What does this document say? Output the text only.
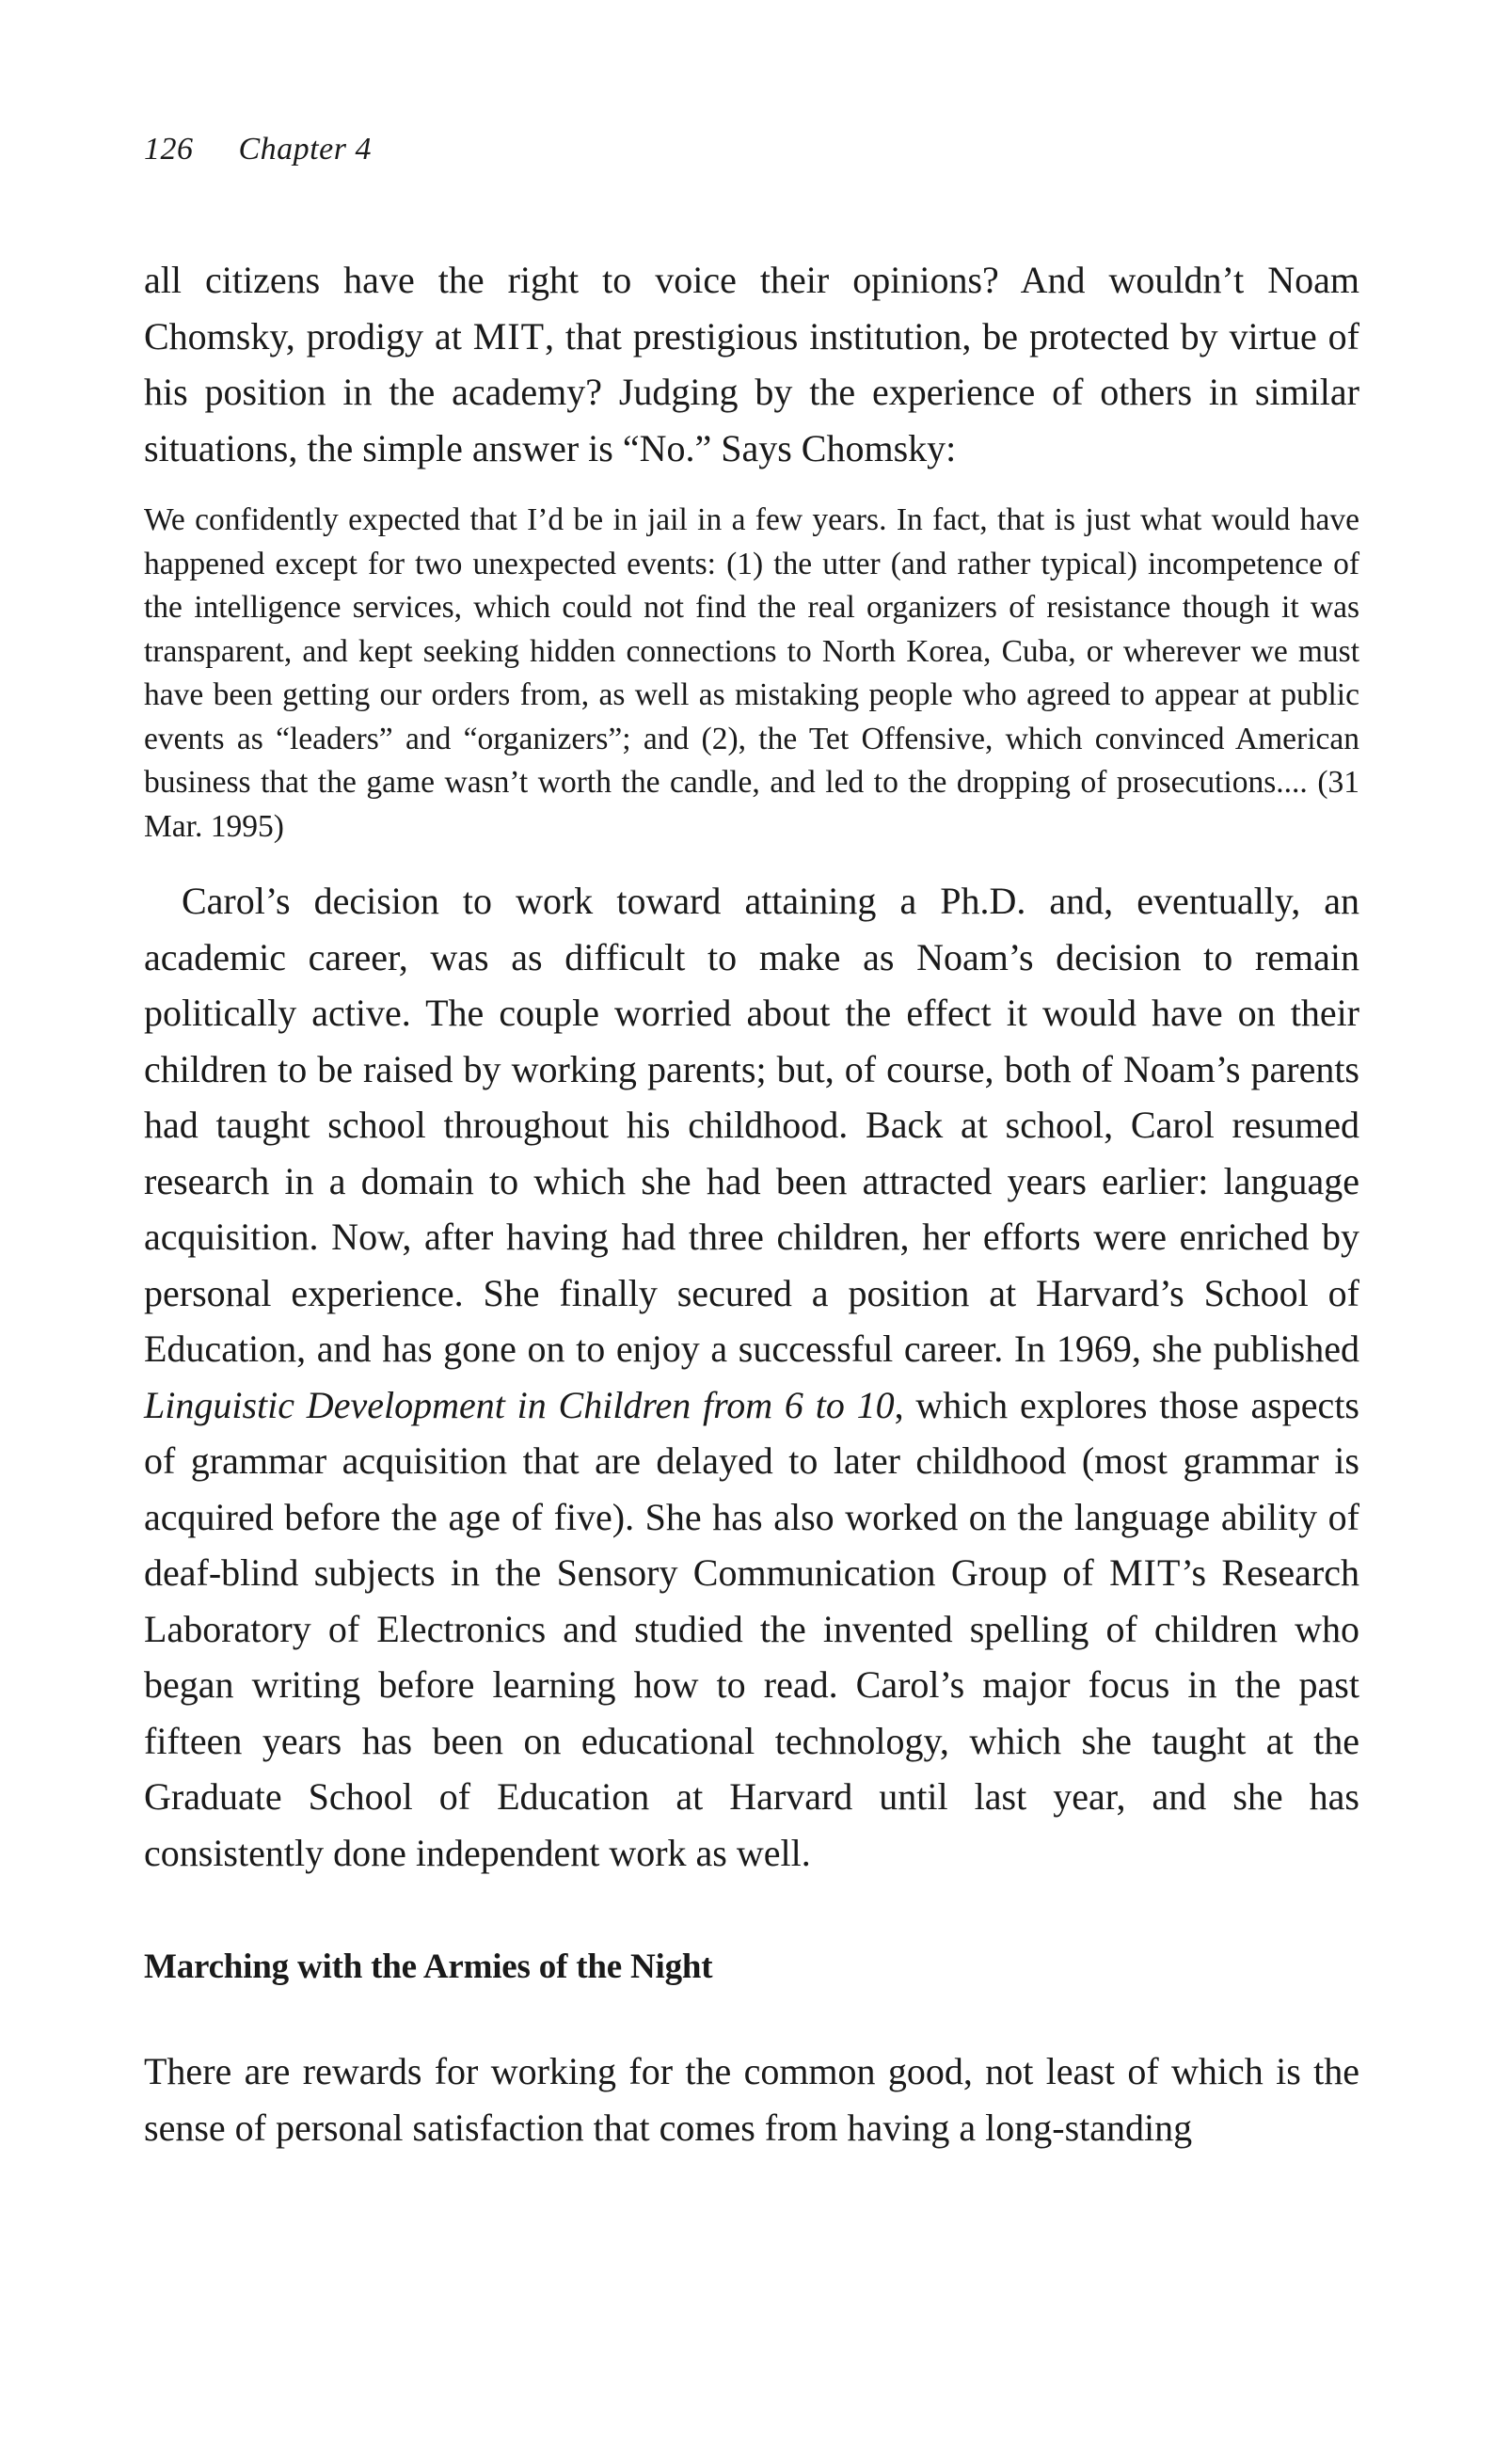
126 Chapter 4

all citizens have the right to voice their opinions? And wouldn’t Noam Chomsky, prodigy at MIT, that prestigious institution, be protected by virtue of his position in the academy? Judging by the experience of others in similar situations, the simple answer is “No.” Says Chomsky:

We confidently expected that I’d be in jail in a few years. In fact, that is just what would have happened except for two unexpected events: (1) the utter (and rather typical) incompetence of the intelligence services, which could not find the real organizers of resistance though it was transparent, and kept seeking hidden connections to North Korea, Cuba, or wherever we must have been getting our orders from, as well as mistaking people who agreed to appear at public events as “leaders” and “organizers”; and (2), the Tet Offensive, which convinced American business that the game wasn’t worth the candle, and led to the dropping of prosecutions.... (31 Mar. 1995)

Carol’s decision to work toward attaining a Ph.D. and, eventually, an academic career, was as difficult to make as Noam’s decision to remain politically active. The couple worried about the effect it would have on their children to be raised by working parents; but, of course, both of Noam’s parents had taught school throughout his childhood. Back at school, Carol resumed research in a domain to which she had been attracted years earlier: language acquisition. Now, after having had three children, her efforts were enriched by personal experience. She finally secured a position at Harvard’s School of Education, and has gone on to enjoy a successful career. In 1969, she published Linguistic Development in Children from 6 to 10, which explores those aspects of grammar acquisition that are delayed to later childhood (most grammar is acquired before the age of five). She has also worked on the language ability of deaf-blind subjects in the Sensory Communication Group of MIT’s Research Laboratory of Electronics and studied the invented spelling of children who began writing before learning how to read. Carol’s major focus in the past fifteen years has been on educational technology, which she taught at the Graduate School of Education at Harvard until last year, and she has consistently done independent work as well.

Marching with the Armies of the Night

There are rewards for working for the common good, not least of which is the sense of personal satisfaction that comes from having a long-standing
